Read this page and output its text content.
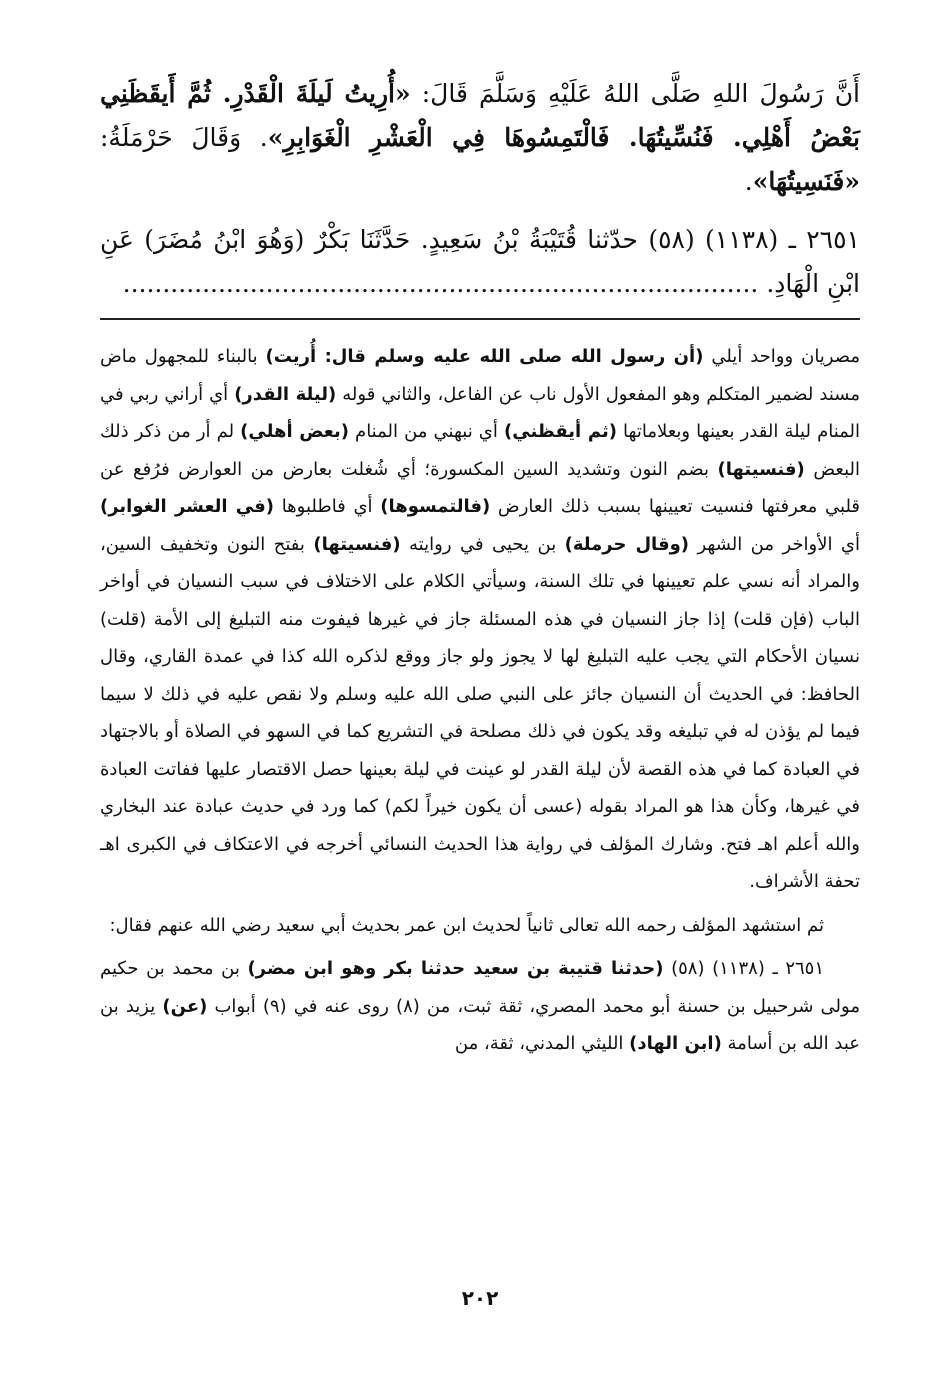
أَنَّ رَسُولَ اللهِ صَلَّى اللهُ عَلَيْهِ وَسَلَّمَ قَالَ: «أُرِيتُ لَيلَةَ الْقَدْرِ. ثُمَّ أَيقَظَنِي بَعْضُ أَهْلِي. فَنُسِّيتُهَا. فَالْتَمِسُوهَا فِي الْعَشْرِ الْغَوَابِرِ». وَقَالَ حَرْمَلَةُ: «فَنَسِيتُهَا».

٢٦٥١ ـ (١١٣٨) (٥٨) حدّثنا قُتَيْبَةُ بْنُ سَعِيدٍ. حَدَّثَنَا بَكْرٌ (وَهُوَ ابْنُ مُضَرَ) عَنِ ابْنِ الْهَادِ. ................................................................................

مصريان وواحد أيلي (أن رسول الله صلى الله عليه وسلم قال: أُريت) بالبناء للمجهول ماض مسند لضمير المتكلم وهو المفعول الأول ناب عن الفاعل، والثاني قوله (ليلة القدر) أي أراني ربي في المنام ليلة القدر بعينها وبعلاماتها (ثم أيقظني) أي نبهني من المنام (بعض أهلي) لم أر من ذكر ذلك البعض (فنسيتها) بضم النون وتشديد السين المكسورة؛ أي شُغلت بعارض من العوارض فرُفع عن قلبي معرفتها فنسيت تعيينها بسبب ذلك العارض (فالتمسوها) أي فاطلبوها (في العشر الغوابر) أي الأواخر من الشهر (وقال حرملة) بن يحيى في روايته (فنسيتها) بفتح النون وتخفيف السين، والمراد أنه نسي علم تعيينها في تلك السنة، وسيأتي الكلام على الاختلاف في سبب النسيان في أواخر الباب (فإن قلت) إذا جاز النسيان في هذه المسئلة جاز في غيرها فيفوت منه التبليغ إلى الأمة (قلت) نسيان الأحكام التي يجب عليه التبليغ لها لا يجوز ولو جاز ووقع لذكره الله كذا في عمدة القاري، وقال الحافظ: في الحديث أن النسيان جائز على النبي صلى الله عليه وسلم ولا نقص عليه في ذلك لا سيما فيما لم يؤذن له في تبليغه وقد يكون في ذلك مصلحة في التشريع كما في السهو في الصلاة أو بالاجتهاد في العبادة كما في هذه القصة لأن ليلة القدر لو عينت في ليلة بعينها حصل الاقتصار عليها ففاتت العبادة في غيرها، وكأن هذا هو المراد بقوله (عسى أن يكون خيراً لكم) كما ورد في حديث عبادة عند البخاري والله أعلم اهـ فتح. وشارك المؤلف في رواية هذا الحديث النسائي أخرجه في الاعتكاف في الكبرى اهـ تحفة الأشراف.

ثم استشهد المؤلف رحمه الله تعالى ثانياً لحديث ابن عمر بحديث أبي سعيد رضي الله عنهم فقال:

٢٦٥١ ـ (١١٣٨) (٥٨) (حدثنا قتيبة بن سعيد حدثنا بكر وهو ابن مضر) بن محمد بن حكيم مولى شرحبيل بن حسنة أبو محمد المصري، ثقة ثبت، من (٨) روى عنه في (٩) أبواب (عن) يزيد بن عبد الله بن أسامة (ابن الهاد) الليثي المدني، ثقة، من

٢٠٢
